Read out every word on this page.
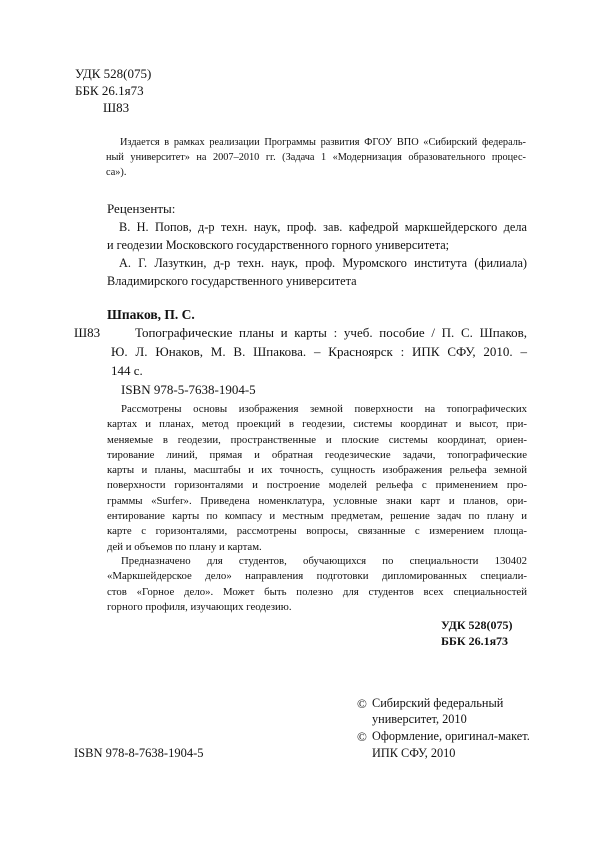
УДК 528(075)
ББК 26.1я73
Ш83
Издается в рамках реализации Программы развития ФГОУ ВПО «Сибирский федераль-
ный университет» на 2007–2010 гг. (Задача 1 «Модернизация образовательного процес-
са»).
Рецензенты:
В. Н. Попов, д-р техн. наук, проф. зав. кафедрой маркшейдерского дела
и геодезии Московского государственного горного университета;
А. Г. Лазуткин, д-р техн. наук, проф. Муромского института (филиала)
Владимирского государственного университета
Шпаков, П. С.
Ш83	Топографические планы и карты : учеб. пособие / П. С. Шпаков,
Ю. Л. Юнаков, М. В. Шпакова. – Красноярск : ИПК СФУ, 2010. –
144 с.
ISBN 978-5-7638-1904-5
Рассмотрены основы изображения земной поверхности на топографических
картах и планах, метод проекций в геодезии, системы координат и высот, при-
меняемые в геодезии, пространственные и плоские системы координат, ориен-
тирование линий, прямая и обратная геодезические задачи, топографические
карты и планы, масштабы и их точность, сущность изображения рельефа земной
поверхности горизонталями и построение моделей рельефа с применением про-
граммы «Surfer». Приведена номенклатура, условные знаки карт и планов, ори-
ентирование карты по компасу и местным предметам, решение задач по плану и
карте с горизонталями, рассмотрены вопросы, связанные с измерением площа-
дей и объемов по плану и картам.
Предназначено для студентов, обучающихся по специальности 130402
«Маркшейдерское дело» направления подготовки дипломированных специали-
стов «Горное дело». Может быть полезно для студентов всех специальностей
горного профиля, изучающих геодезию.
УДК 528(075)
ББК 26.1я73
© Сибирский федеральный
университет, 2010
© Оформление, оригинал-макет.
ИПК СФУ, 2010
ISBN 978-8-7638-1904-5
